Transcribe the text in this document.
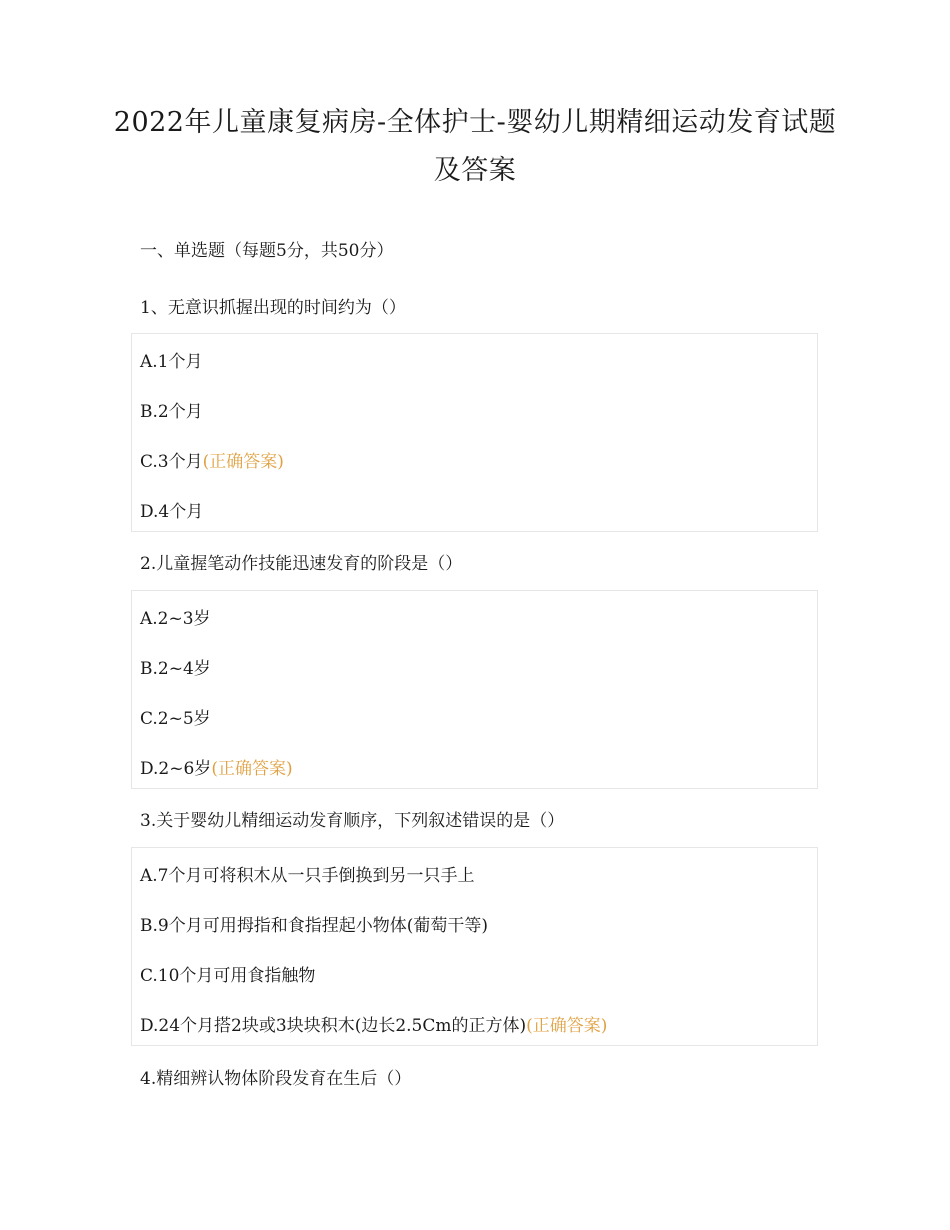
2022年儿童康复病房-全体护士-婴幼儿期精细运动发育试题
及答案
一、单选题（每题5分，共50分）
1、无意识抓握出现的时间约为（）
A.1个月
B.2个月
C.3个月(正确答案)
D.4个月
2.儿童握笔动作技能迅速发育的阶段是（）
A.2~3岁
B.2~4岁
C.2~5岁
D.2~6岁(正确答案)
3.关于婴幼儿精细运动发育顺序，下列叙述错误的是（）
A.7个月可将积木从一只手倒换到另一只手上
B.9个月可用拇指和食指捏起小物体(葡萄干等)
C.10个月可用食指触物
D.24个月搭2块或3块块积木(边长2.5Cm的正方体)(正确答案)
4.精细辨认物体阶段发育在生后（）
